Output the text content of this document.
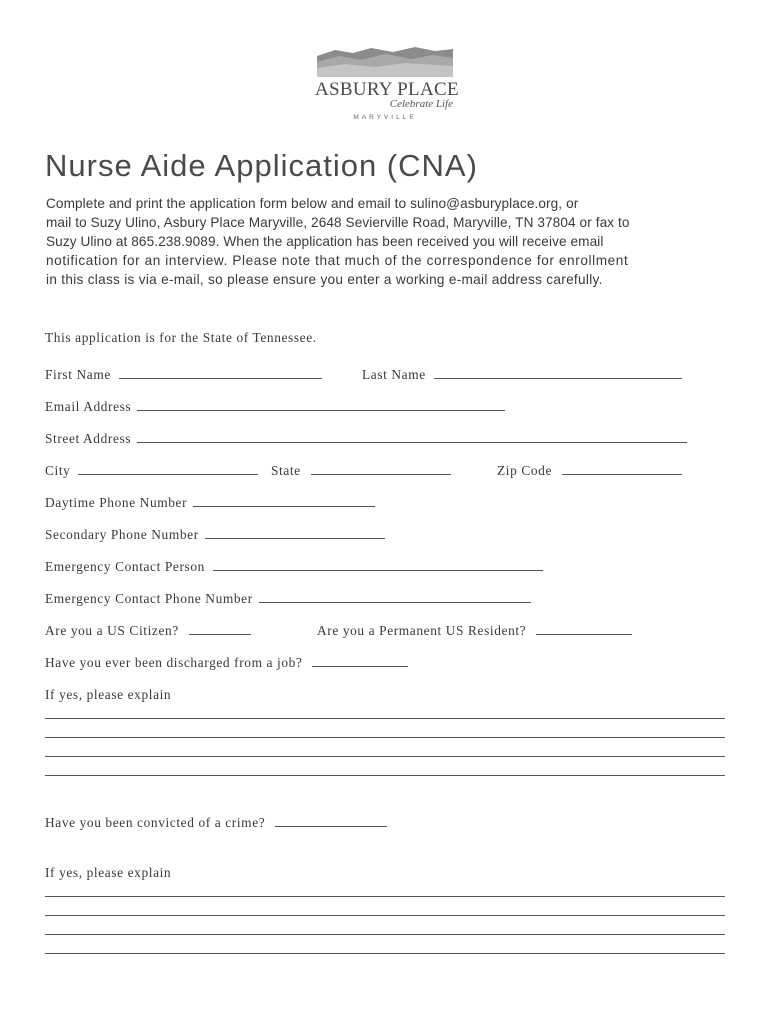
ASBURY PLACE
Celebrate Life
MARYVILLE
Nurse Aide Application (CNA)
Complete and print the application form below and email to sulino@asburyplace.org, or
mail to Suzy Ulino, Asbury Place Maryville, 2648 Sevierville Road, Maryville, TN 37804 or fax to
Suzy Ulino at 865.238.9089. When the application has been received you will receive email
notification for an interview. Please note that much of the correspondence for enrollment
in this class is via e-mail, so please ensure you enter a working e-mail address carefully.
This application is for the State of Tennessee.
First Name	Last Name
Email Address
Street Address
City	State	Zip Code
Daytime Phone Number
Secondary Phone Number
Emergency Contact Person
Emergency Contact Phone Number
Are you a US Citizen?	Are you a Permanent US Resident?
Have you ever been discharged from a job?
If yes, please explain
Have you been convicted of a crime?
If yes, please explain
